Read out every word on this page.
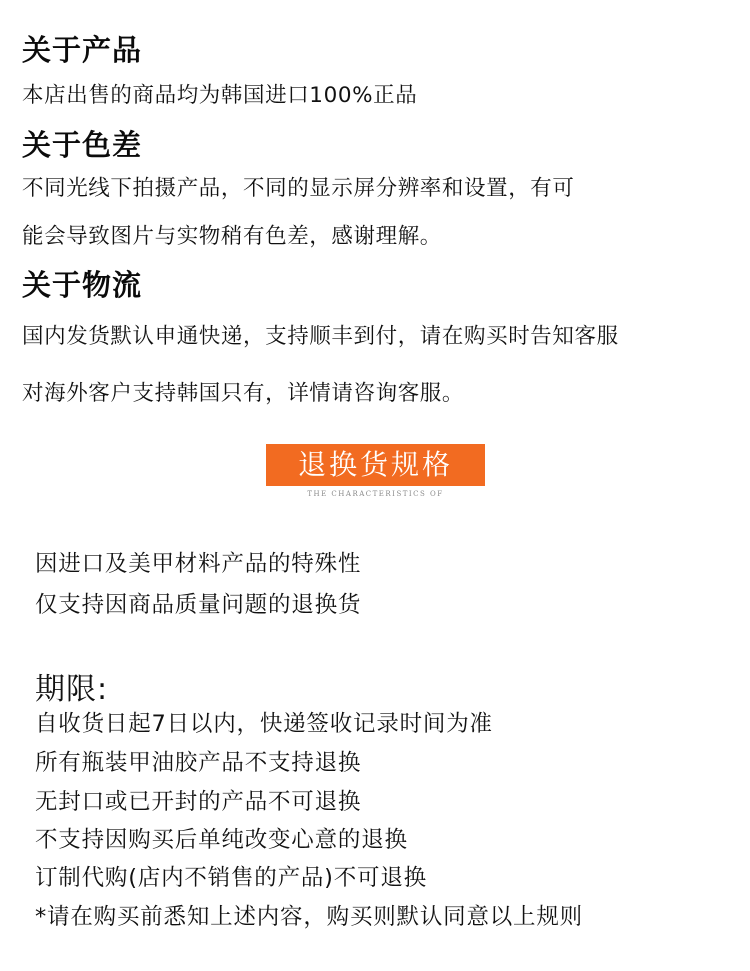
关于产品
本店出售的商品均为韩国进口100%正品
关于色差
不同光线下拍摄产品，不同的显示屏分辨率和设置，有可
能会导致图片与实物稍有色差，感谢理解。
关于物流
国内发货默认申通快递，支持顺丰到付，请在购买时告知客服
对海外客户支持韩国只有，详情请咨询客服。
退换货规格
THE CHARACTERISTICS OF
因进口及美甲材料产品的特殊性
仅支持因商品质量问题的退换货
期限:
自收货日起7日以内，快递签收记录时间为准
所有瓶装甲油胶产品不支持退换
无封口或已开封的产品不可退换
不支持因购买后单纯改变心意的退换
订制代购(店内不销售的产品)不可退换
*请在购买前悉知上述内容，购买则默认同意以上规则
